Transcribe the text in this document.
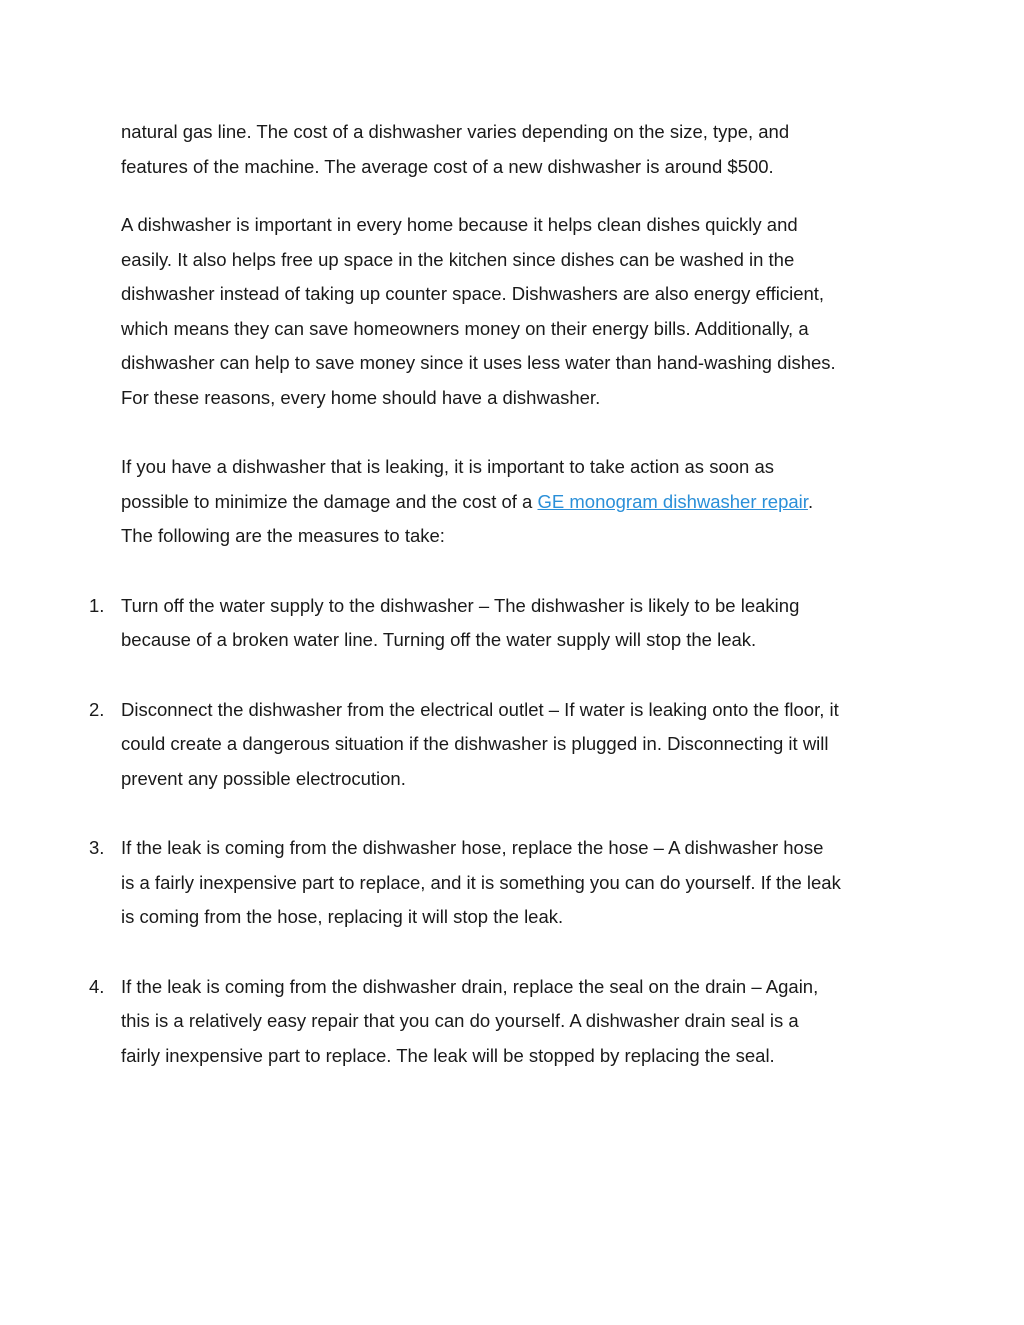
natural gas line. The cost of a dishwasher varies depending on the size, type, and
features of the machine. The average cost of a new dishwasher is around $500.
A dishwasher is important in every home because it helps clean dishes quickly and
easily. It also helps free up space in the kitchen since dishes can be washed in the
dishwasher instead of taking up counter space. Dishwashers are also energy efficient,
which means they can save homeowners money on their energy bills. Additionally, a
dishwasher can help to save money since it uses less water than hand-washing dishes.
For these reasons, every home should have a dishwasher.
If you have a dishwasher that is leaking, it is important to take action as soon as
possible to minimize the damage and the cost of a GE monogram dishwasher repair.
The following are the measures to take:
1. Turn off the water supply to the dishwasher – The dishwasher is likely to be leaking
because of a broken water line. Turning off the water supply will stop the leak.
2. Disconnect the dishwasher from the electrical outlet – If water is leaking onto the floor, it
could create a dangerous situation if the dishwasher is plugged in. Disconnecting it will
prevent any possible electrocution.
3. If the leak is coming from the dishwasher hose, replace the hose – A dishwasher hose
is a fairly inexpensive part to replace, and it is something you can do yourself. If the leak
is coming from the hose, replacing it will stop the leak.
4. If the leak is coming from the dishwasher drain, replace the seal on the drain – Again,
this is a relatively easy repair that you can do yourself. A dishwasher drain seal is a
fairly inexpensive part to replace. The leak will be stopped by replacing the seal.
